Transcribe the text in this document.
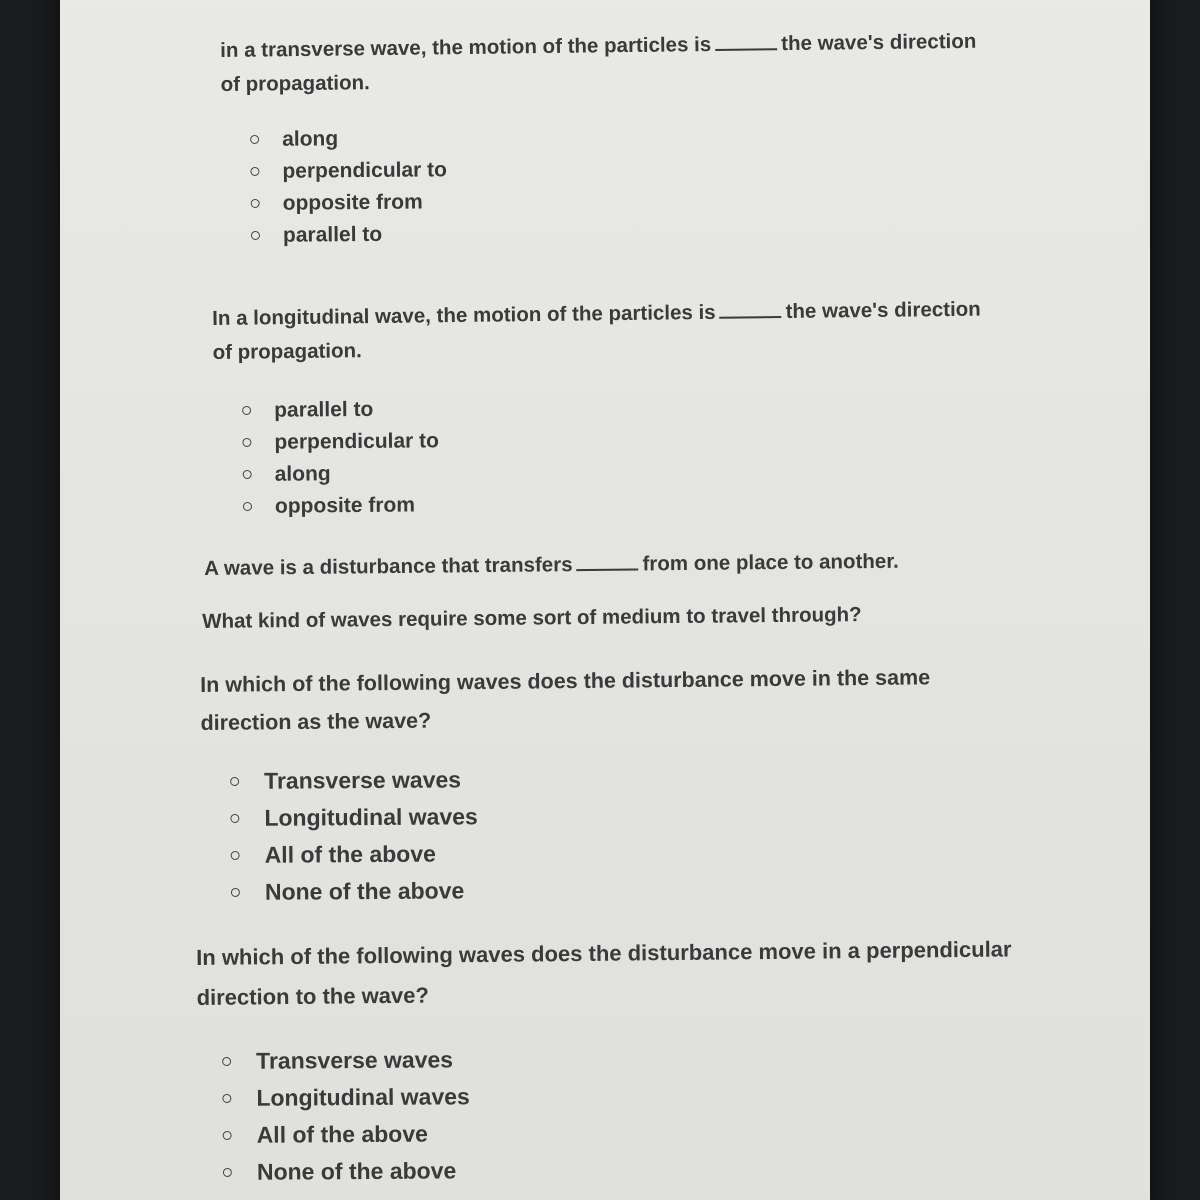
in a transverse wave, the motion of the particles is	the wave's direction
of propagation.
along
perpendicular to
opposite from
parallel to
In a longitudinal wave, the motion of the particles is	the wave's direction
of propagation.
parallel to
perpendicular to
along
opposite from
A wave is a disturbance that transfers	from one place to another.
What kind of waves require some sort of medium to travel through?
In which of the following waves does the disturbance move in the same
direction as the wave?
Transverse waves
Longitudinal waves
All of the above
None of the above
In which of the following waves does the disturbance move in a perpendicular
direction to the wave?
Transverse waves
Longitudinal waves
All of the above
None of the above
